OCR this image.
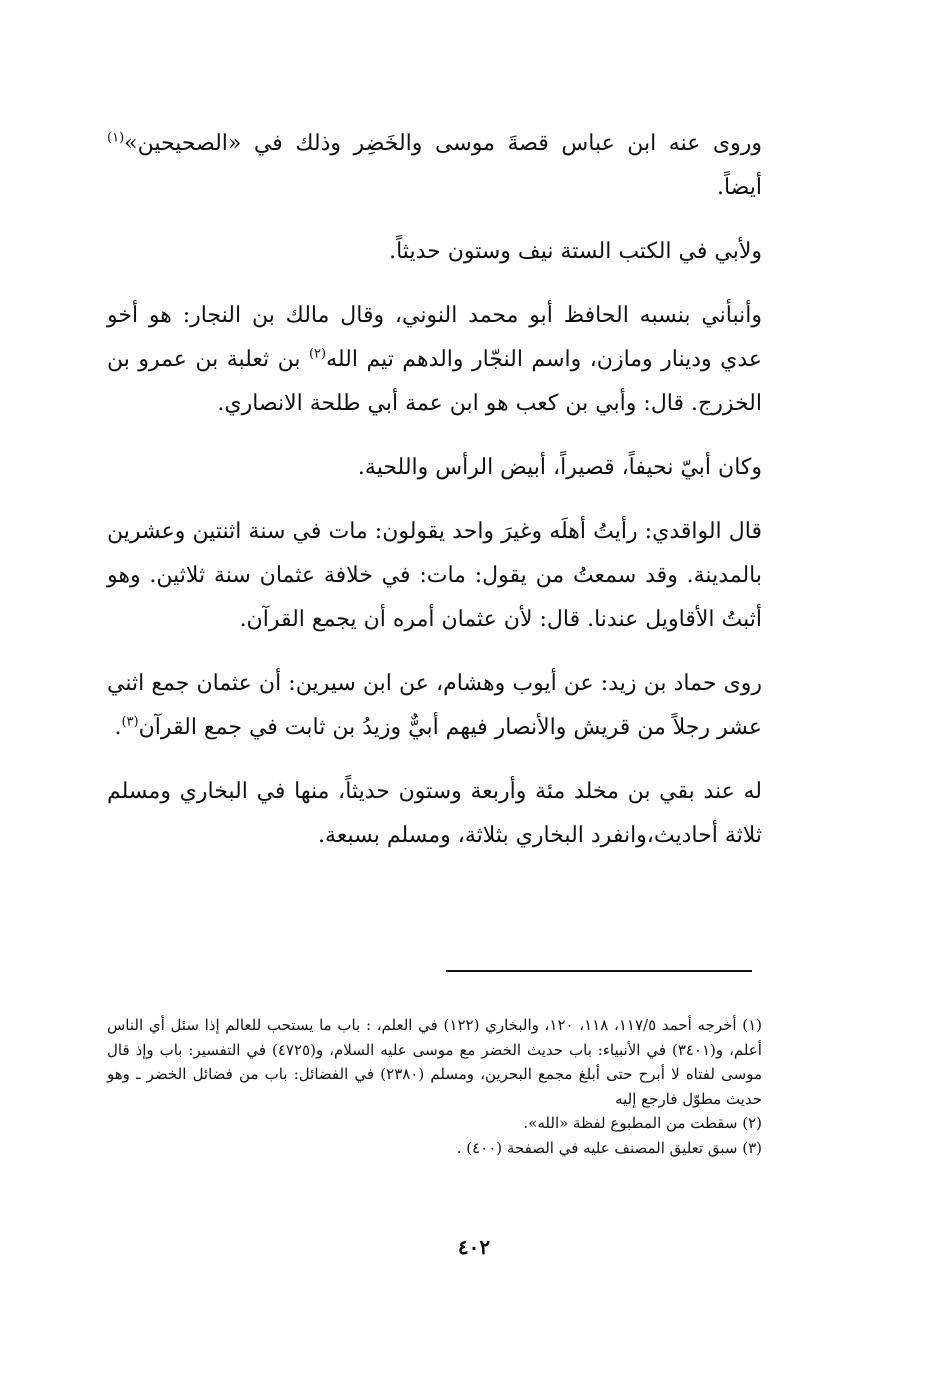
وروى عنه ابن عباس قصةَ موسى والخَضِر وذلك في «الصحيحين»$^{(١)}$ أيضاً.

ولأبي في الكتب الستة نيف وستون حديثاً.

وأنبأني بنسبه الحافظ أبو محمد النوني، وقال مالك بن النجار: هو أخو عدي ودينار ومازن، واسم النجّار والدهم تيم الله$^{(٢)}$ بن ثعلبة بن عمرو بن الخزرج. قال: وأبي بن كعب هو ابن عمة أبي طلحة الانصاري.

وكان أبيّ نحيفاً، قصيراً، أبيض الرأس واللحية.

قال الواقدي: رأيتُ أهلَه وغيرَ واحد يقولون: مات في سنة اثنتين وعشرين بالمدينة. وقد سمعتُ من يقول: مات: في خلافة عثمان سنة ثلاثين. وهو أثبتُ الأقاويل عندنا. قال: لأن عثمان أمره أن يجمع القرآن.

روى حماد بن زيد: عن أيوب وهشام، عن ابن سيرين: أن عثمان جمع اثني عشر رجلاً من قريش والأنصار فيهم أبيٌّ وزيدُ بن ثابت في جمع القرآن$^{(٣)}$.

له عند بقي بن مخلد مئة وأربعة وستون حديثاً، منها في البخاري ومسلم ثلاثة أحاديث،وانفرد البخاري بثلاثة، ومسلم بسبعة.

(١) أخرجه أحمد ١١٧/٥، ١١٨، ١٢٠، والبخاري (١٢٢) في العلم، : باب ما يستحب للعالم إذا سئل أي الناس أعلم، و(٣٤٠١) في الأنبياء: باب حديث الخضر مع موسى عليه السلام، و(٤٧٢٥) في التفسير: باب وإذ قال موسى لفتاه لا أبرح حتى أبلغ مجمع البحرين، ومسلم (٢٣٨٠) في الفضائل: باب من فضائل الخضر ـ وهو حديث مطوّل فارجع إليه

(٢) سقطت من المطبوع لفظة «الله».

(٣) سبق تعليق المصنف عليه في الصفحة (٤٠٠) .

٤٠٢
